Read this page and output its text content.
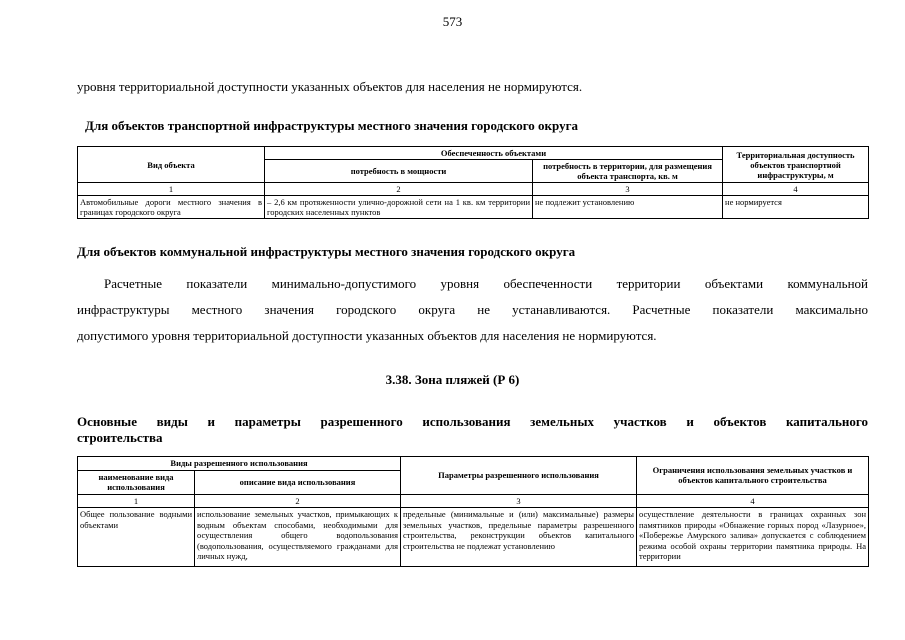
573
уровня территориальной доступности указанных объектов для населения не нормируются.
Для объектов транспортной инфраструктуры местного значения городского округа
Вид объекта	Обеспеченность объектами		Территориальная доступность объектов транспортной инфраструктуры, м
	потребность в мощности	потребность в территории, для размещения объекта транспорта, кв. м	
1	2	3	4
Автомобильные дороги местного значения в границах городского округа	– 2,6 км протяженности улично-дорожной сети на 1 кв. км территории городских населенных пунктов	не подлежит установлению	не нормируется
Для объектов коммунальной инфраструктуры местного значения городского округа
Расчетные показатели минимально-допустимого уровня обеспеченности территории объектами коммунальной
инфраструктуры местного значения городского округа не устанавливаются. Расчетные показатели максимально
допустимого уровня территориальной доступности указанных объектов для населения не нормируются.
3.38. Зона пляжей (Р 6)
Основные виды и параметры разрешенного использования земельных участков и объектов капитального
строительства
Виды разрешенного использования		Параметры разрешенного использования	Ограничения использования земельных участков и объектов капитального строительства
наименование вида использования	описание вида использования		
1	2	3	4

Общее пользование водными объектами	использование земельных участков, примыкающих к водным объектам способами, необходимыми для осуществления общего водопользования (водопользования, осуществляемого гражданами для личных нужд,	предельные (минимальные и (или) максимальные) размеры земельных участков, предельные параметры разрешенного строительства, реконструкции объектов капитального строительства не подлежат установлению	осуществление деятельности в границах охранных зон памятников природы «Обнажение горных пород «Лазурное», «Побережье Амурского залива» допускается с соблюдением режима особой охраны территории памятника природы. На территории
